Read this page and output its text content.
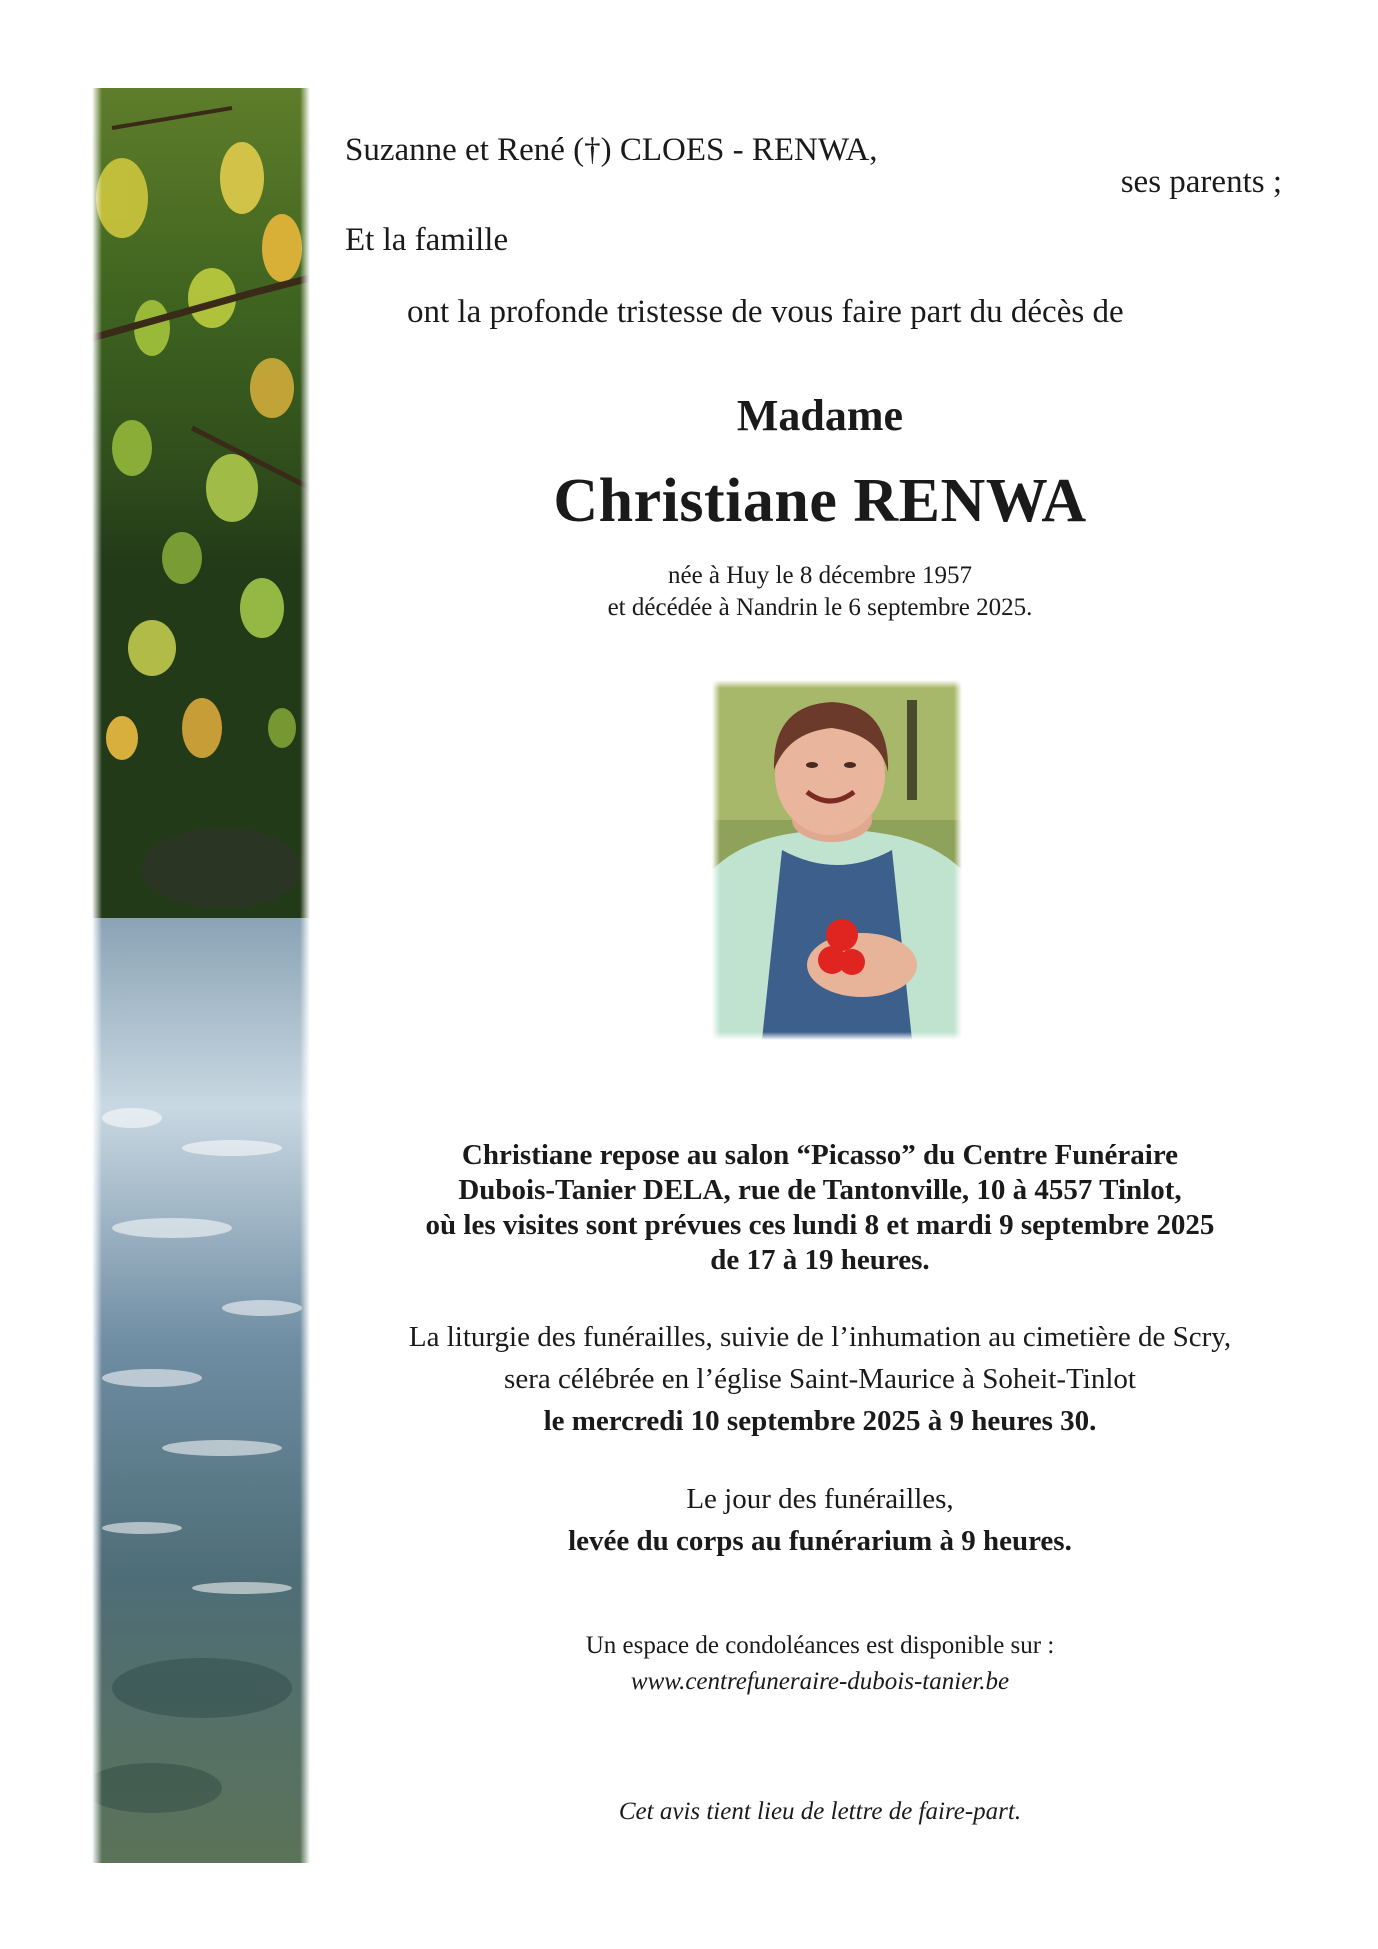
Suzanne et René (†) CLOES - RENWA,

ses parents ;

Et la famille

ont la profonde tristesse de vous faire part du décès de

Madame

Christiane RENWA

née à Huy le 8 décembre 1957
et décédée à Nandrin le 6 septembre 2025.
Christiane repose au salon “Picasso” du Centre Funéraire
Dubois-Tanier DELA, rue de Tantonville, 10 à 4557 Tinlot,
où les visites sont prévues ces lundi 8 et mardi 9 septembre 2025
de 17 à 19 heures.
La liturgie des funérailles, suivie de l’inhumation au cimetière de Scry,
sera célébrée en l’église Saint-Maurice à Soheit-Tinlot
le mercredi 10 septembre 2025 à 9 heures 30.
Le jour des funérailles,
levée du corps au funérarium à 9 heures.
Un espace de condoléances est disponible sur :
www.centrefuneraire-dubois-tanier.be

Cet avis tient lieu de lettre de faire-part.
